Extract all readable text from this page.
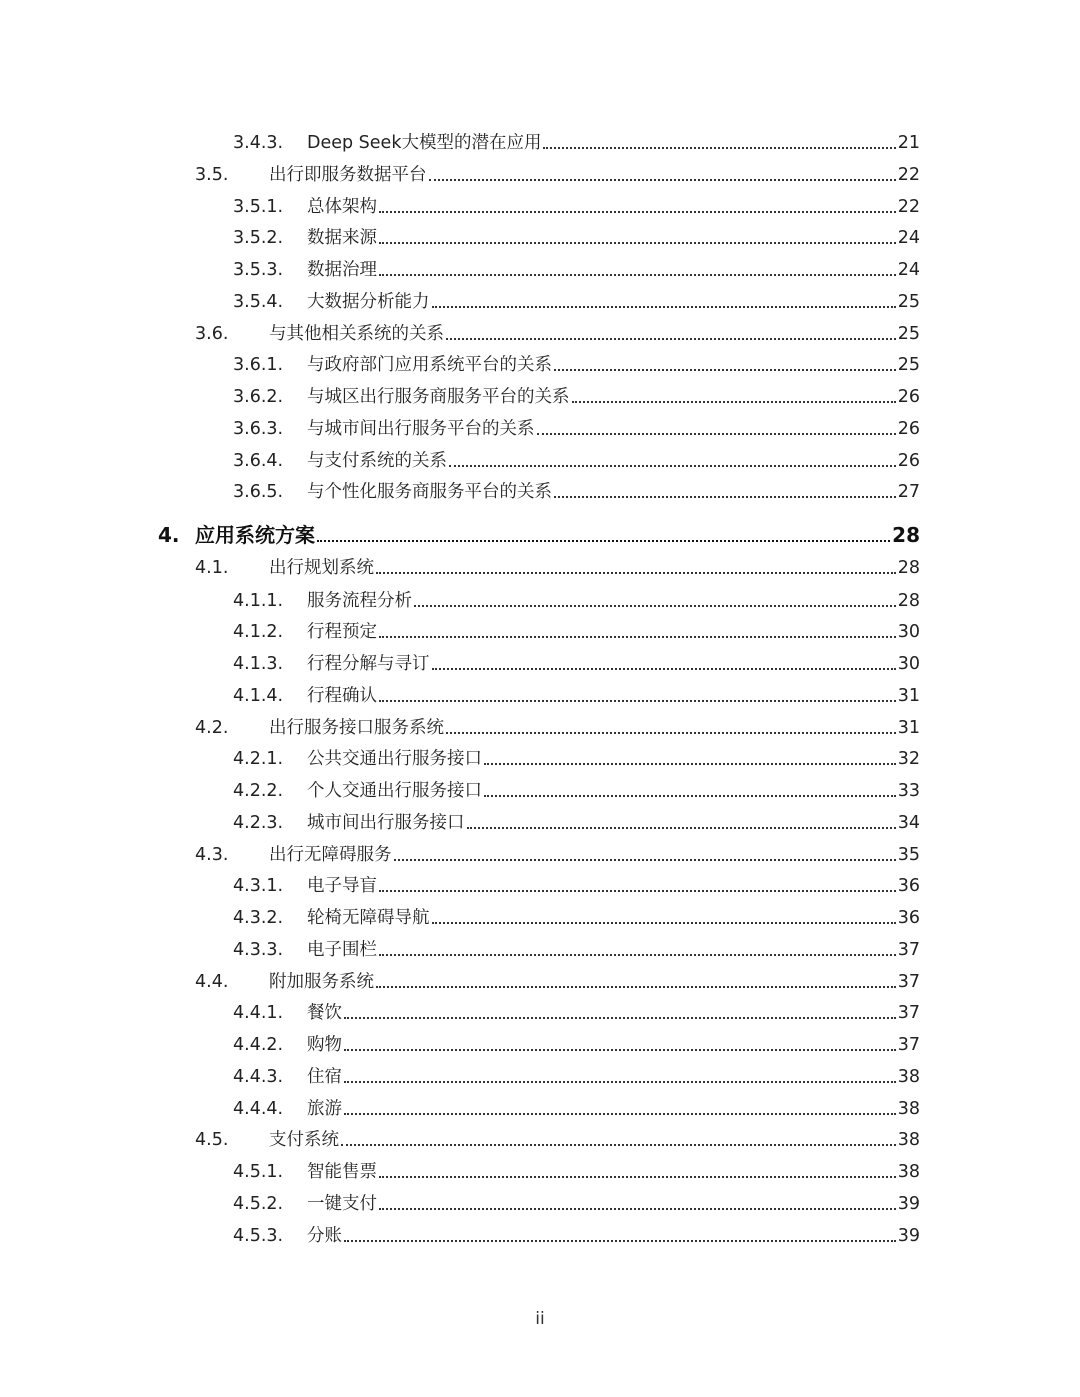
3.4.3.	Deep Seek大模型的潜在应用	21
3.5.	出行即服务数据平台	22
3.5.1.	总体架构	22
3.5.2.	数据来源	24
3.5.3.	数据治理	24
3.5.4.	大数据分析能力	25
3.6.	与其他相关系统的关系	25
3.6.1.	与政府部门应用系统平台的关系	25
3.6.2.	与城区出行服务商服务平台的关系	26
3.6.3.	与城市间出行服务平台的关系	26
3.6.4.	与支付系统的关系	26
3.6.5.	与个性化服务商服务平台的关系	27
4. 应用系统方案	28
4.1.	出行规划系统	28
4.1.1.	服务流程分析	28
4.1.2.	行程预定	30
4.1.3.	行程分解与寻订	30
4.1.4.	行程确认	31
4.2.	出行服务接口服务系统	31
4.2.1.	公共交通出行服务接口	32
4.2.2.	个人交通出行服务接口	33
4.2.3.	城市间出行服务接口	34
4.3.	出行无障碍服务	35
4.3.1.	电子导盲	36
4.3.2.	轮椅无障碍导航	36
4.3.3.	电子围栏	37
4.4.	附加服务系统	37
4.4.1.	餐饮	37
4.4.2.	购物	37
4.4.3.	住宿	38
4.4.4.	旅游	38
4.5.	支付系统	38
4.5.1.	智能售票	38
4.5.2.	一键支付	39
4.5.3.	分账	39
ii
